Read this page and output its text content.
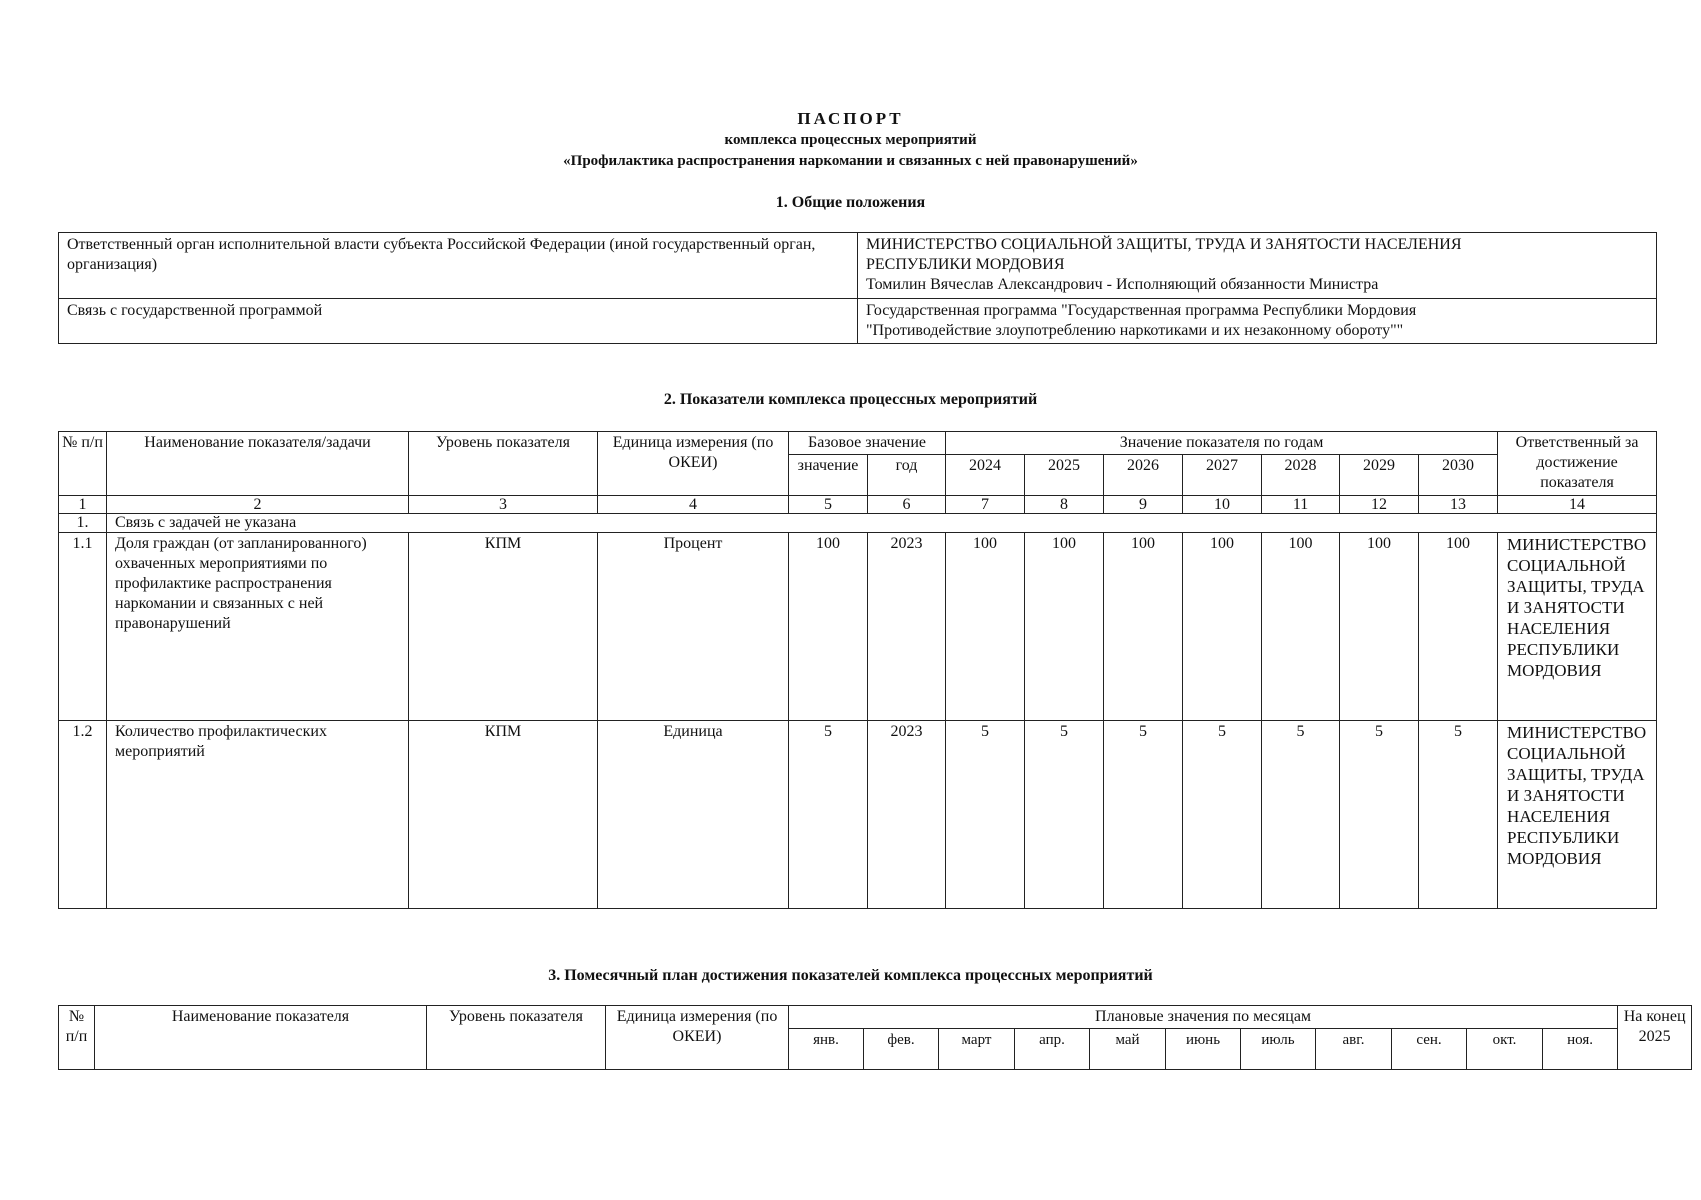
ПАСПОРТ
комплекса процессных мероприятий
«Профилактика распространения наркомании и связанных с ней правонарушений»
1. Общие положения
Ответственный орган исполнительной власти субъекта Российской Федерации (иной государственный орган, организация)	МИНИСТЕРСТВО СОЦИАЛЬНОЙ ЗАЩИТЫ, ТРУДА И ЗАНЯТОСТИ НАСЕЛЕНИЯ
РЕСПУБЛИКИ МОРДОВИЯ
Томилин Вячеслав Александрович - Исполняющий обязанности Министра

Связь с государственной программой	Государственная программа "Государственная программа Республики Мордовия
"Противодействие злоупотреблению наркотиками и их незаконному обороту""
2. Показатели комплекса процессных мероприятий
№ п/п	Наименование показателя/задачи	Уровень показателя	Единица измерения (по ОКЕИ)	Базовое значение		Значение показателя по годам							Ответственный за достижение показателя
				значение	год	2024	2025	2026	2027	2028	2029	2030	
1	2	3	4	5	6	7	8	9	10	11	12	13	14
1.	Связь с задачей не указана												
1.1	Доля граждан (от запланированного) охваченных мероприятиями по профилактике распространения наркомании и связанных с ней правонарушений	КПМ	Процент	100	2023	100	100	100	100	100	100	100	МИНИСТЕРСТВО СОЦИАЛЬНОЙ ЗАЩИТЫ, ТРУДА И ЗАНЯТОСТИ НАСЕЛЕНИЯ РЕСПУБЛИКИ МОРДОВИЯ
1.2	Количество профилактических мероприятий	КПМ	Единица	5	2023	5	5	5	5	5	5	5	МИНИСТЕРСТВО СОЦИАЛЬНОЙ ЗАЩИТЫ, ТРУДА И ЗАНЯТОСТИ НАСЕЛЕНИЯ РЕСПУБЛИКИ МОРДОВИЯ
3. Помесячный план достижения показателей комплекса процессных мероприятий
№ п/п	Наименование показателя	Уровень показателя	Единица измерения (по ОКЕИ)	Плановые значения по месяцам											На конец 2025
				янв.	фев.	март	апр.	май	июнь	июль	авг.	сен.	окт.	ноя.	
